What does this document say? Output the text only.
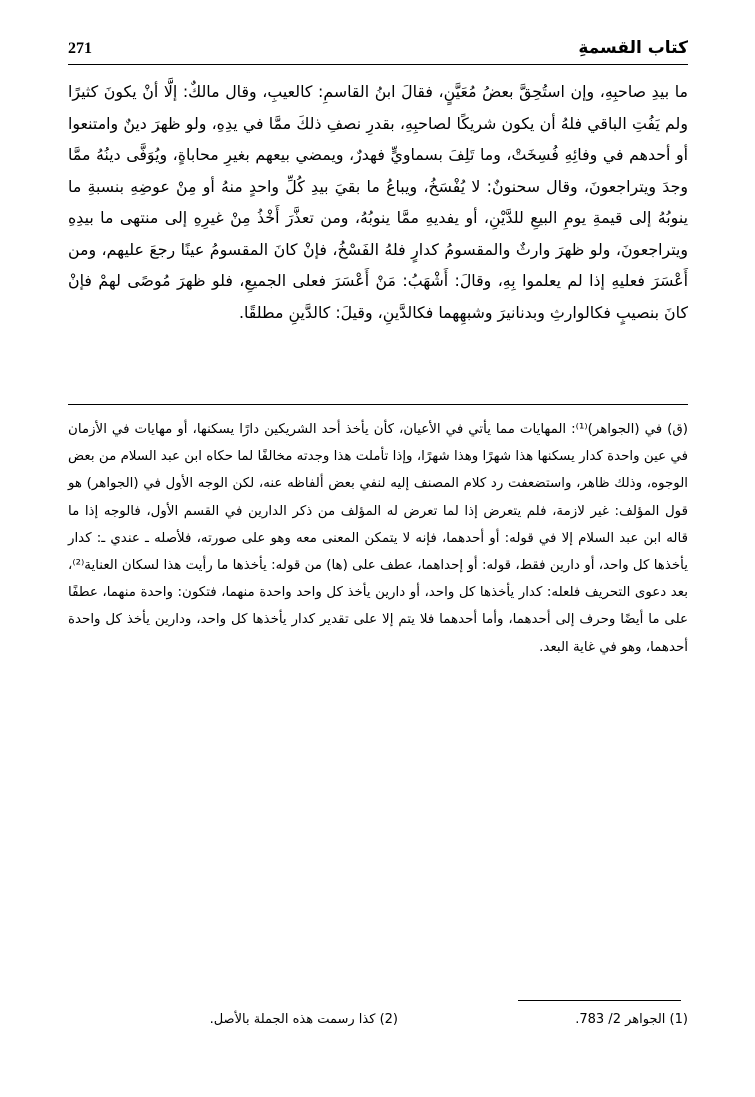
271	كتاب القسمةِ

ما بيدِ صاحبِهِ، وإن استُحِقَّ بعضُ مُعَيَّنٍ، فقالَ ابنُ القاسمِ: كالعيبِ، وقال مالكٌ: إلَّا أنْ يكونَ كثيرًا ولم يَفُتِ الباقي فلهُ أن يكون شريكًا لصاحبِهِ، بقدرِ نصفِ ذلكَ ممَّا في يدِهِ، ولو ظهرَ دينٌ وامتنعوا أو أحدهم في وفائِهِ فُسِخَتْ، وما تَلِفَ بسماويٍّ فهدرٌ، ويمضي بيعهم بغيرِ محاباةٍ، ويُوَفَّى دينُهُ ممَّا وجدَ ويتراجعونَ، وقال سحنونٌ: لا يُفْسَخُ، ويباعُ ما بقيَ بيدِ كُلِّ واحدٍ منهُ أو مِنْ عوضِهِ بنسبةِ ما ينوبُهُ إلى قيمةِ يومِ البيعِ للدَّيْنِ، أو يفديهِ ممَّا ينوبُهُ، ومن تعذَّرَ أَخْذُ مِنْ غيرِهِ إلى منتهى ما بيدِهِ ويتراجعونَ، ولو ظهرَ وارثٌ والمقسومُ كدارٍ فلهُ الفَسْخُ، فإنْ كانَ المقسومُ عينًا رجعَ عليهم، ومن أَعْسَرَ فعليهِ إذا لم يعلموا بِهِ، وقالَ: أَشْهَبُ: مَنْ أَعْسَرَ فعلى الجميعِ، فلو ظهرَ مُوصًى لهمْ فإنْ كانَ بنصيبٍ فكالوارثِ وبدنانيرَ وشبهِهما فكالدَّينِ، وقيلَ: كالدَّينِ مطلقًا.

(ق) في (الجواهر)⁽¹⁾: المهايات مما يأتي في الأعيان، كأن يأخذ أحد الشريكين دارًا يسكنها، أو مهايات في الأزمان في عين واحدة كدار يسكنها هذا شهرًا وهذا شهرًا، وإذا تأملت هذا وجدته مخالفًا لما حكاه ابن عبد السلام من بعض الوجوه، وذلك ظاهر، واستضعفت رد كلام المصنف إليه لنفي بعض ألفاظه عنه، لكن الوجه الأول في (الجواهر) هو قول المؤلف: غير لازمة، فلم يتعرض إذا لما تعرض له المؤلف من ذكر الدارين في القسم الأول، فالوجه إذا ما قاله ابن عبد السلام إلا في قوله: أو أحدهما، فإنه لا يتمكن المعنى معه وهو على صورته، فلأصله ـ عندي ـ: كدار يأخذها كل واحد، أو دارين فقط، قوله: أو إحداهما، عطف على (ها) من قوله: يأخذها ما رأيت هذا لسكان العناية⁽²⁾، بعد دعوى التحريف فلعله: كدار يأخذها كل واحد، أو دارين يأخذ كل واحد واحدة منهما، فتكون: واحدة منهما، عطفًا على ما أيضًا وحرف إلى أحدهما، وأما أحدهما فلا يتم إلا على تقدير كدار يأخذها كل واحد، ودارين يأخذ كل واحدة أحدهما، وهو في غاية البعد.

(1) الجواهر 2/ 783.
(2) كذا رسمت هذه الجملة بالأصل.
